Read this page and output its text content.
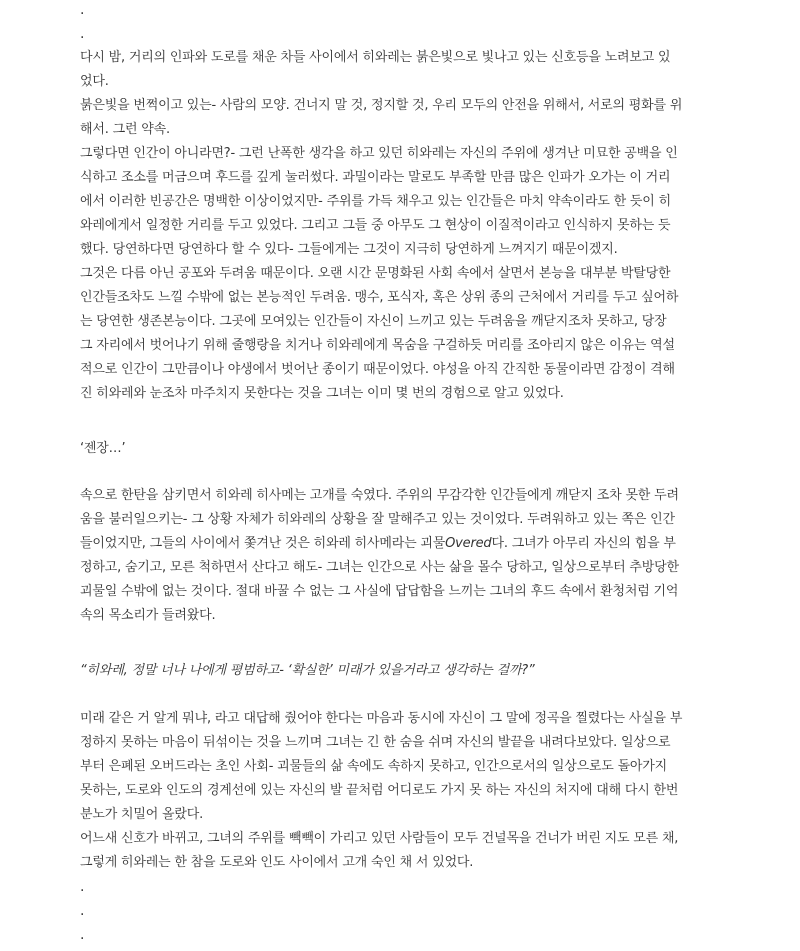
.
.
다시 밤, 거리의 인파와 도로를 채운 차들 사이에서 히와레는 붉은빛으로 빛나고 있는 신호등을 노려보고 있
었다.
붉은빛을 번쩍이고 있는- 사람의 모양. 건너지 말 것, 정지할 것, 우리 모두의 안전을 위해서, 서로의 평화를 위
해서. 그런 약속.
그렇다면 인간이 아니라면?- 그런 난폭한 생각을 하고 있던 히와레는 자신의 주위에 생겨난 미묘한 공백을 인
식하고 조소를 머금으며 후드를 깊게 눌러썼다. 과밀이라는 말로도 부족할 만큼 많은 인파가 오가는 이 거리
에서 이러한 빈공간은 명백한 이상이었지만- 주위를 가득 채우고 있는 인간들은 마치 약속이라도 한 듯이 히
와레에게서 일정한 거리를 두고 있었다. 그리고 그들 중 아무도 그 현상이 이질적이라고 인식하지 못하는 듯
했다. 당연하다면 당연하다 할 수 있다- 그들에게는 그것이 지극히 당연하게 느껴지기 때문이겠지.
그것은 다름 아닌 공포와 두려움 때문이다. 오랜 시간 문명화된 사회 속에서 살면서 본능을 대부분 박탈당한
인간들조차도 느낄 수밖에 없는 본능적인 두려움. 맹수, 포식자, 혹은 상위 종의 근처에서 거리를 두고 싶어하
는 당연한 생존본능이다. 그곳에 모여있는 인간들이 자신이 느끼고 있는 두려움을 깨닫지조차 못하고, 당장
그 자리에서 벗어나기 위해 줄행랑을 치거나 히와레에게 목숨을 구걸하듯 머리를 조아리지 않은 이유는 역설
적으로 인간이 그만큼이나 야생에서 벗어난 종이기 때문이었다. 야성을 아직 간직한 동물이라면 감정이 격해
진 히와레와 눈조차 마주치지 못한다는 것을 그녀는 이미 몇 번의 경험으로 알고 있었다.
‘젠장…’
속으로 한탄을 삼키면서 히와레 히사메는 고개를 숙였다. 주위의 무감각한 인간들에게 깨닫지 조차 못한 두려
움을 불러일으키는- 그 상황 자체가 히와레의 상황을 잘 말해주고 있는 것이었다. 두려워하고 있는 쪽은 인간
들이었지만, 그들의 사이에서 쫓겨난 것은 히와레 히사메라는 괴물Overed다. 그녀가 아무리 자신의 힘을 부
정하고, 숨기고, 모른 척하면서 산다고 해도- 그녀는 인간으로 사는 삶을 몰수 당하고, 일상으로부터 추방당한
괴물일 수밖에 없는 것이다. 절대 바꿀 수 없는 그 사실에 답답함을 느끼는 그녀의 후드 속에서 환청처럼 기억
속의 목소리가 들려왔다.
“히와레, 정말 너나 나에게 평범하고- ‘확실한’ 미래가 있을거라고 생각하는 걸까?”
미래 같은 거 알게 뭐냐, 라고 대답해 줬어야 한다는 마음과 동시에 자신이 그 말에 정곡을 찔렸다는 사실을 부
정하지 못하는 마음이 뒤섞이는 것을 느끼며 그녀는 긴 한 숨을 쉬며 자신의 발끝을 내려다보았다. 일상으로
부터 은폐된 오버드라는 초인 사회- 괴물들의 삶 속에도 속하지 못하고, 인간으로서의 일상으로도 돌아가지
못하는, 도로와 인도의 경계선에 있는 자신의 발 끝처럼 어디로도 가지 못 하는 자신의 처지에 대해 다시 한번
분노가 치밀어 올랐다.
어느새 신호가 바뀌고, 그녀의 주위를 빽빽이 가리고 있던 사람들이 모두 건널목을 건너가 버린 지도 모른 채,
그렇게 히와레는 한 참을 도로와 인도 사이에서 고개 숙인 채 서 있었다.
.
.
.
